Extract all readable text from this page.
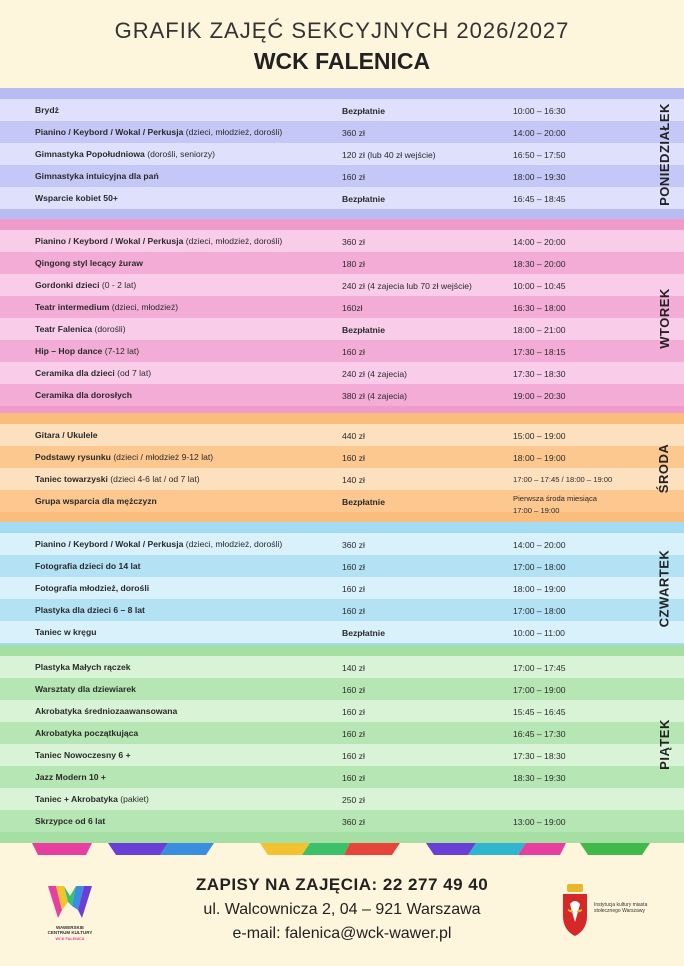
GRAFIK ZAJĘĆ SEKCYJNYCH 2026/2027
WCK FALENICA
Brydż	Bezpłatnie	10:00 – 16:30
Pianino / Keybord / Wokal / Perkusja (dzieci, młodzież, dorośli)	360 zł	14:00 – 20:00
Gimnastyka Popołudniowa (dorośli, seniorzy)	120 zł (lub 40 zł wejście)	16:50 – 17:50
Gimnastyka intuicyjna dla pań	160 zł	18:00 – 19:30
Wsparcie kobiet 50+	Bezpłatnie	16:45 – 18:45	PONIEDZIAŁEK
Pianino / Keybord / Wokal / Perkusja (dzieci, młodzież, dorośli)	360 zł	14:00 – 20:00
Qingong styl lecący żuraw	180 zł	18:30 – 20:00
Gordonki dzieci (0 - 2 lat)	240 zł (4 zajecia lub 70 zł wejście)	10:00 – 10:45
Teatr intermedium (dzieci, młodzież)	160zł	16:30 – 18:00
Teatr Falenica (dorośli)	Bezpłatnie	18:00 – 21:00
Hip – Hop dance (7-12 lat)	160 zł	17:30 – 18:15
Ceramika dla dzieci (od 7 lat)	240 zł (4 zajecia)	17:30 – 18:30
Ceramika dla dorosłych	380 zł (4 zajecia)	19:00 – 20:30
WTOREK
Gitara / Ukulele	440 zł	15:00 – 19:00
Podstawy rysunku (dzieci / młodzież 9-12 lat)	160 zł	18:00 – 19:00
Taniec towarzyski (dzieci 4-6 lat / od 7 lat)	140 zł	17:00 – 17:45 / 18:00 – 19:00
Grupa wsparcia dla mężczyzn	Bezpłatnie	Pierwsza środa miesiąca
17:00 – 19:00
ŚRODA
Pianino / Keybord / Wokal / Perkusja (dzieci, młodzież, dorośli)	360 zł	14:00 – 20:00
Fotografia dzieci do 14 lat	160 zł	17:00 – 18:00
Fotografia młodzież, dorośli	160 zł	18:00 – 19:00
Plastyka dla dzieci 6 – 8 lat	160 zł	17:00 – 18:00
Taniec w kręgu	Bezpłatnie	10:00 – 11:00
CZWARTEK
Plastyka Małych rączek	140 zł	17:00 – 17:45
Warsztaty dla dziewiarek	160 zł	17:00 – 19:00
Akrobatyka średniozaawansowana	160 zł	15:45 – 16:45
Akrobatyka początkująca	160 zł	16:45 – 17:30
Taniec Nowoczesny 6 +	160 zł	17:30 – 18:30
Jazz Modern 10 +	160 zł	18:30 – 19:30
Taniec + Akrobatyka (pakiet)	250 zł
Skrzypce od 6 lat	360 zł	13:00 – 19:00
PIĄTEK
WAWERSKIE CENTRUM KULTURY
WCK FALENICA
ZAPISY NA ZAJĘCIA: 22 277 49 40
ul. Walcownicza 2, 04 – 921 Warszawa
e-mail: falenica@wck-wawer.pl
Instytucja kultury miasta stołecznego Warszawy
